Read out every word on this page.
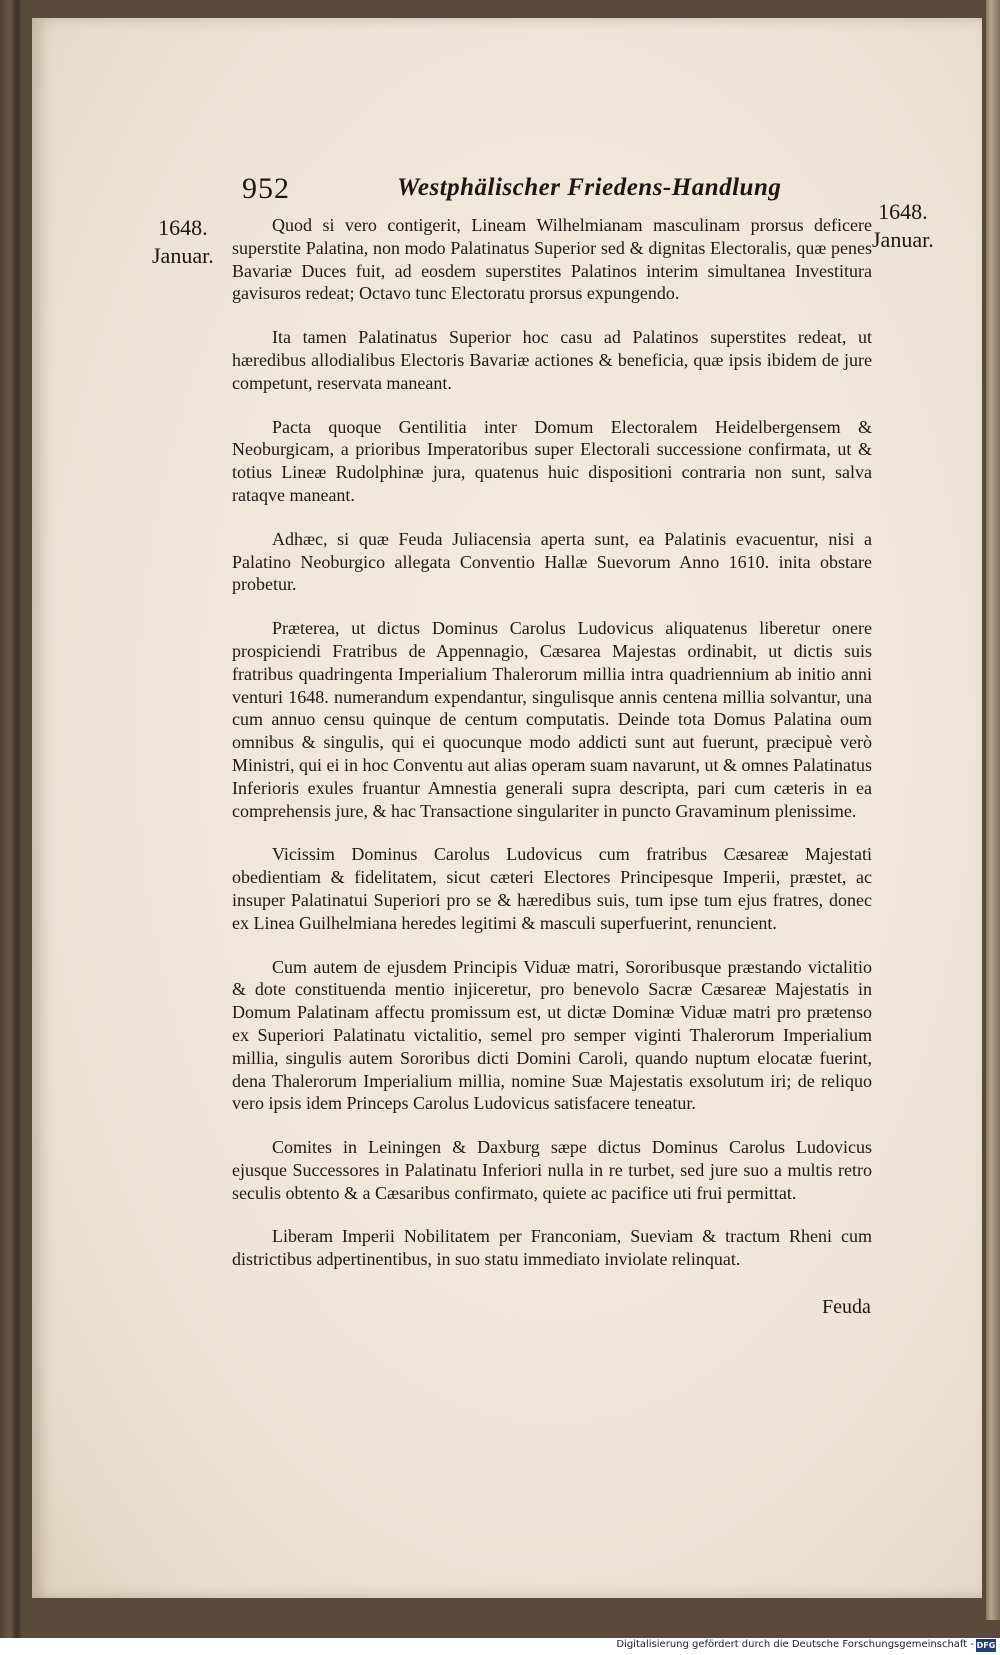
952	Westphälischer Friedens-Handlung
1648.
Januar.
1648.
Januar.

Quod si vero contigerit, Lineam Wilhelmianam masculinam prorsus deficere superstite Palatina, non modo Palatinatus Superior sed & dignitas Electoralis, quæ penes Bavariæ Duces fuit, ad eosdem superstites Palatinos interim simultanea Investitura gavisuros redeat; Octavo tunc Electoratu prorsus expungendo.

Ita tamen Palatinatus Superior hoc casu ad Palatinos superstites redeat, ut hæredibus allodialibus Electoris Bavariæ actiones & beneficia, quæ ipsis ibidem de jure competunt, reservata maneant.

Pacta quoque Gentilitia inter Domum Electoralem Heidelbergensem & Neoburgicam, a prioribus Imperatoribus super Electorali successione confirmata, ut & totius Lineæ Rudolphinæ jura, quatenus huic dispositioni contraria non sunt, salva rataqve maneant.

Adhæc, si quæ Feuda Juliacensia aperta sunt, ea Palatinis evacuentur, nisi a Palatino Neoburgico allegata Conventio Hallæ Suevorum Anno 1610. inita obstare probetur.

Præterea, ut dictus Dominus Carolus Ludovicus aliquatenus liberetur onere prospiciendi Fratribus de Appennagio, Cæsarea Majestas ordinabit, ut dictis suis fratribus quadringenta Imperialium Thalerorum millia intra quadriennium ab initio anni venturi 1648. numerandum expendantur, singulisque annis centena millia solvantur, una cum annuo censu quinque de centum computatis. Deinde tota Domus Palatina oum omnibus & singulis, qui ei quocunque modo addicti sunt aut fuerunt, præcipuè verò Ministri, qui ei in hoc Conventu aut alias operam suam navarunt, ut & omnes Palatinatus Inferioris exules fruantur Amnestia generali supra descripta, pari cum cæteris in ea comprehensis jure, & hac Transactione singulariter in puncto Gravaminum plenissime.

Vicissim Dominus Carolus Ludovicus cum fratribus Cæsareæ Majestati obedientiam & fidelitatem, sicut cæteri Electores Principesque Imperii, præstet, ac insuper Palatinatui Superiori pro se & hæredibus suis, tum ipse tum ejus fratres, donec ex Linea Guilhelmiana heredes legitimi & masculi superfuerint, renuncient.

Cum autem de ejusdem Principis Viduæ matri, Sororibusque præstando victalitio & dote constituenda mentio injiceretur, pro benevolo Sacræ Cæsareæ Majestatis in Domum Palatinam affectu promissum est, ut dictæ Dominæ Viduæ matri pro prætenso ex Superiori Palatinatu victalitio, semel pro semper viginti Thalerorum Imperialium millia, singulis autem Sororibus dicti Domini Caroli, quando nuptum elocatæ fuerint, dena Thalerorum Imperialium millia, nomine Suæ Majestatis exsolutum iri; de reliquo vero ipsis idem Princeps Carolus Ludovicus satisfacere teneatur.

Comites in Leiningen & Daxburg sæpe dictus Dominus Carolus Ludovicus ejusque Successores in Palatinatu Inferiori nulla in re turbet, sed jure suo a multis retro seculis obtento & a Cæsaribus confirmato, quiete ac pacifice uti frui permittat.

Liberam Imperii Nobilitatem per Franconiam, Sueviam & tractum Rheni cum districtibus adpertinentibus, in suo statu immediato inviolate relinquat.

Feuda
Digitalisierung gefördert durch die Deutsche Forschungsgemeinschaft - DFG
